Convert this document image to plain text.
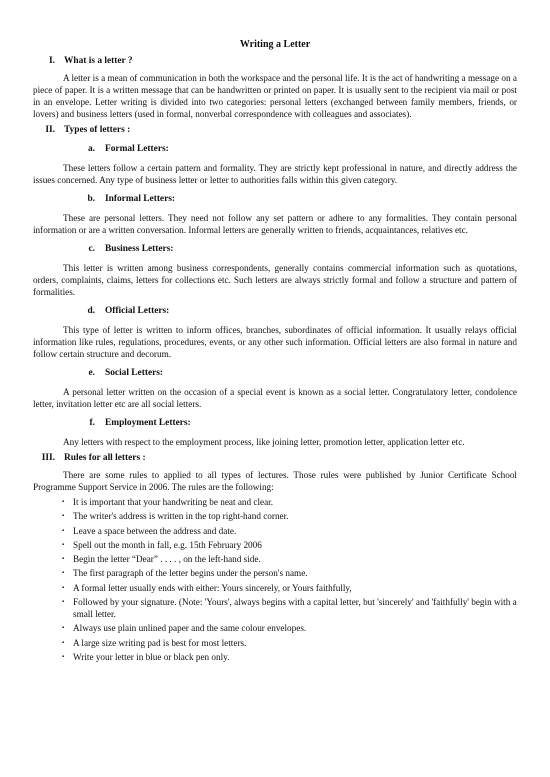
Writing a Letter
I. What is a letter ?

A letter is a mean of communication in both the workspace and the personal life. It is the act of handwriting a message on a piece of paper. It is a written message that can be handwritten or printed on paper. It is usually sent to the recipient via mail or post in an envelope. Letter writing is divided into two categories: personal letters (exchanged between family members, friends, or lovers) and business letters (used in formal, nonverbal correspondence with colleagues and associates).

II. Types of letters :
a.	Formal Letters:

These letters follow a certain pattern and formality. They are strictly kept professional in nature, and directly address the issues concerned. Any type of business letter or letter to authorities falls within this given category.

b.	Informal Letters:

These are personal letters. They need not follow any set pattern or adhere to any formalities. They contain personal information or are a written conversation. Informal letters are generally written to friends, acquaintances, relatives etc.

c.	Business Letters:

This letter is written among business correspondents, generally contains commercial information such as quotations, orders, complaints, claims, letters for collections etc. Such letters are always strictly formal and follow a structure and pattern of formalities.

d.	Official Letters:

This type of letter is written to inform offices, branches, subordinates of official information. It usually relays official information like rules, regulations, procedures, events, or any other such information. Official letters are also formal in nature and follow certain structure and decorum.

e.	Social Letters:

A personal letter written on the occasion of a special event is known as a social letter. Congratulatory letter, condolence letter, invitation letter etc are all social letters.

f.	Employment Letters:

Any letters with respect to the employment process, like joining letter, promotion letter, application letter etc.

III. Rules for all letters :

There are some rules to applied to all types of lectures. Those rules were published by Junior Certificate School Programme Support Service in 2006. The rules are the following:

▪ It is important that your handwriting be neat and clear.
▪ The writer's address is written in the top right-hand corner.
▪ Leave a space between the address and date.
▪ Spell out the month in fall, e.g. 15th February 2006
▪ Begin the letter “Dear” . . . . , on the left-hand side.
▪ The first paragraph of the letter begins under the person's name.
▪ A formal letter usually ends with either: Yours sincerely, or Yours faithfully,
▪ Followed by your signature. (Note: 'Yours', always begins with a capital letter, but 'sincerely' and 'faithfully' begin with a small letter.
▪ Always use plain unlined paper and the same colour envelopes.
▪ A large size writing pad is best for most letters.
▪ Write your letter in blue or black pen only.
